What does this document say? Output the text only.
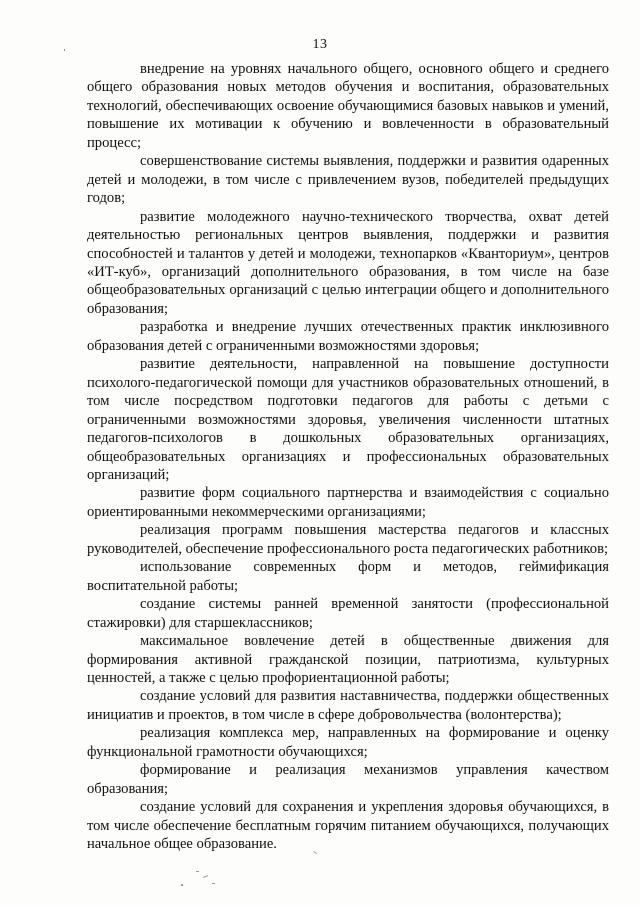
13

внедрение на уровнях начального общего, основного общего и среднего общего образования новых методов обучения и воспитания, образовательных технологий, обеспечивающих освоение обучающимися базовых навыков и умений, повышение их мотивации к обучению и вовлеченности в образовательный процесс;

совершенствование системы выявления, поддержки и развития одаренных детей и молодежи, в том числе с привлечением вузов, победителей предыдущих годов;

развитие молодежного научно-технического творчества, охват детей деятельностью региональных центров выявления, поддержки и развития способностей и талантов у детей и молодежи, технопарков «Кванториум», центров «ИТ-куб», организаций дополнительного образования, в том числе на базе общеобразовательных организаций с целью интеграции общего и дополнительного образования;

разработка и внедрение лучших отечественных практик инклюзивного образования детей с ограниченными возможностями здоровья;

развитие деятельности, направленной на повышение доступности психолого-педагогической помощи для участников образовательных отношений, в том числе посредством подготовки педагогов для работы с детьми с ограниченными возможностями здоровья, увеличения численности штатных педагогов-психологов в дошкольных образовательных организациях, общеобразовательных организациях и профессиональных образовательных организаций;

развитие форм социального партнерства и взаимодействия с социально ориентированными некоммерческими организациями;

реализация программ повышения мастерства педагогов и классных руководителей, обеспечение профессионального роста педагогических работников;

использование современных форм и методов, геймификация воспитательной работы;

создание системы ранней временной занятости (профессиональной стажировки) для старшеклассников;

максимальное вовлечение детей в общественные движения для формирования активной гражданской позиции, патриотизма, культурных ценностей, а также с целью профориентационной работы;

создание условий для развития наставничества, поддержки общественных инициатив и проектов, в том числе в сфере добровольчества (волонтерства);

реализация комплекса мер, направленных на формирование и оценку функциональной грамотности обучающихся;

формирование и реализация механизмов управления качеством образования;

создание условий для сохранения и укрепления здоровья обучающихся, в том числе обеспечение бесплатным горячим питанием обучающихся, получающих начальное общее образование.
